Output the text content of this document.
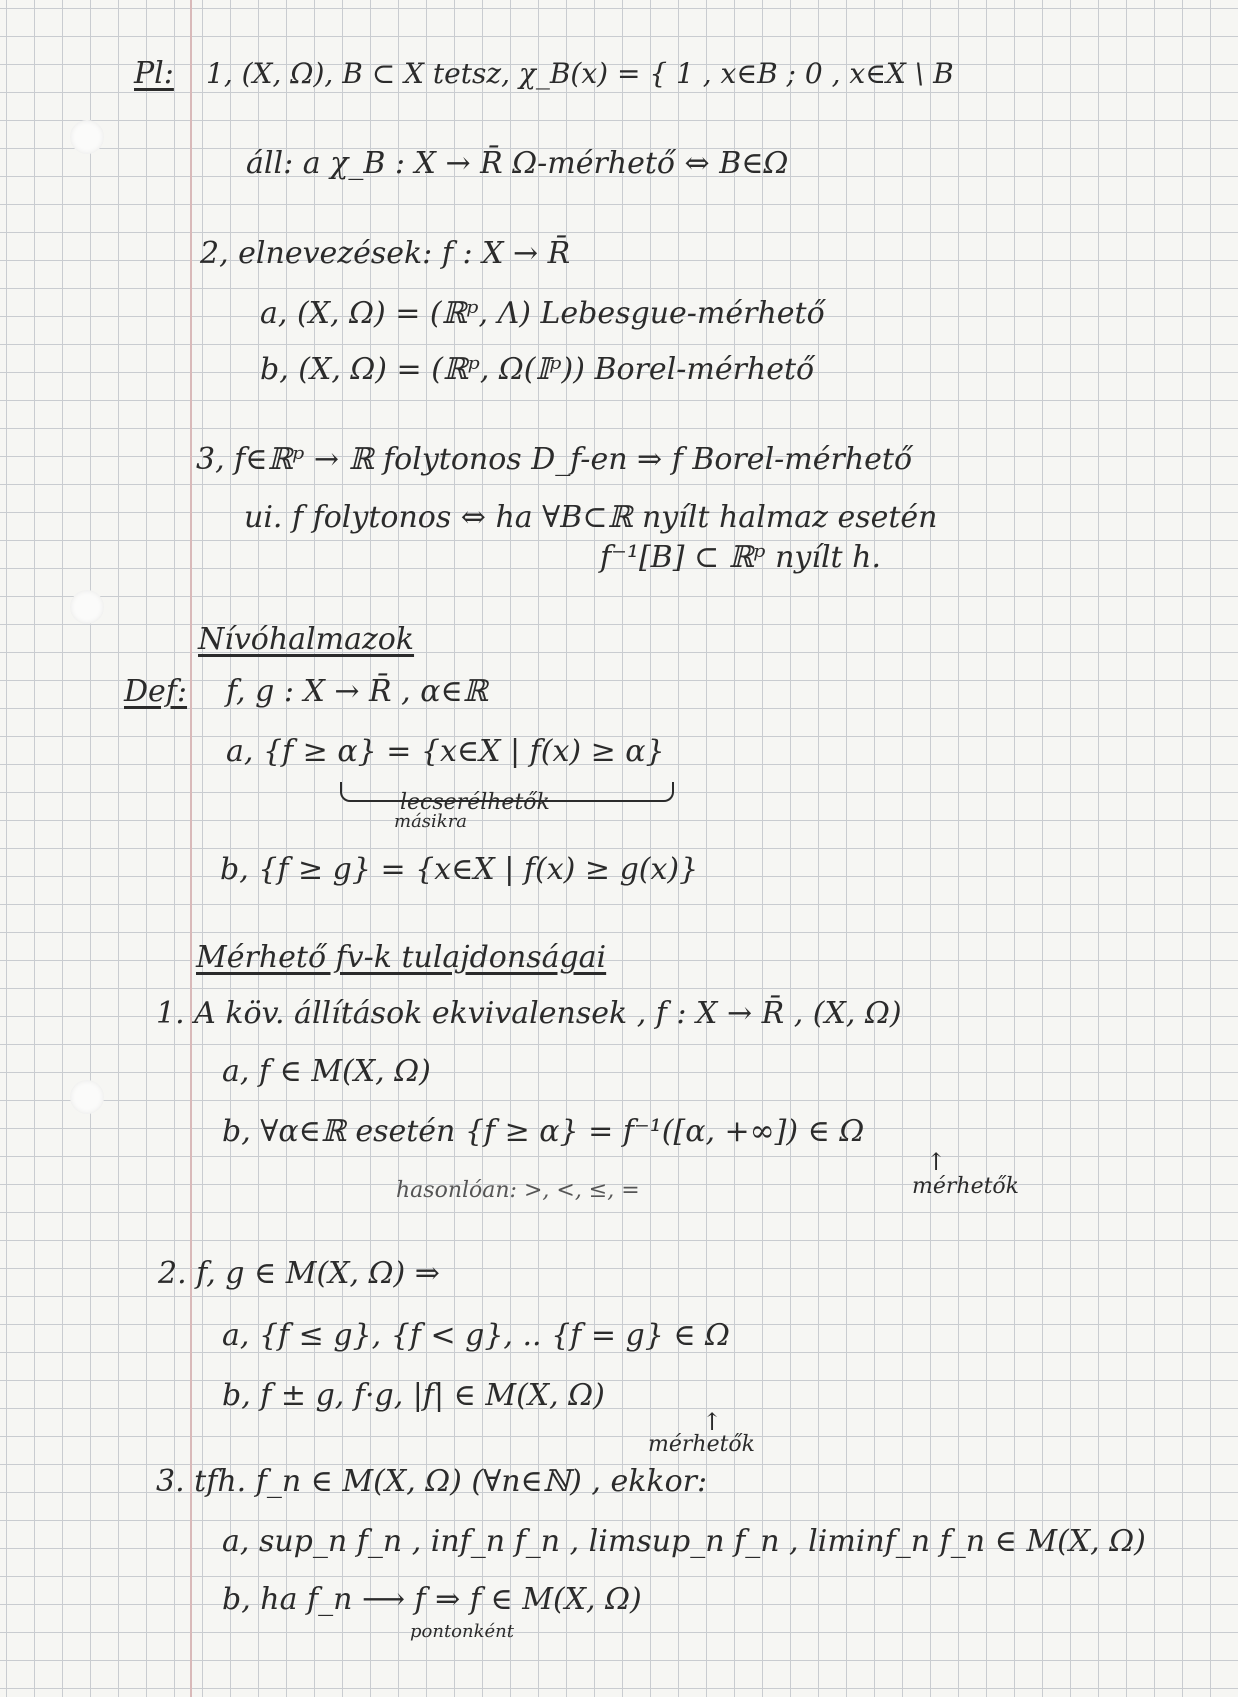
Pl: 1, (X, Ω), B ⊂ X tetsz, χ_B(x) = { 1 , x∈B ; 0 , x∈X \ B
áll: a χ_B : X → R̄ Ω-mérhető ⇔ B∈Ω
2, elnevezések: f : X → R̄
a, (X, Ω) = (ℝᵖ, Λ) Lebesgue-mérhető
b, (X, Ω) = (ℝᵖ, Ω(𝕀ᵖ)) Borel-mérhető
3, f∈ℝᵖ → ℝ folytonos D_f-en ⇒ f Borel-mérhető
ui. f folytonos ⇔ ha ∀B⊂ℝ nyílt halmaz esetén
f⁻¹[B] ⊂ ℝᵖ nyílt h.
Nívóhalmazok
Def: f, g : X → R̄ , α∈ℝ
a, {f ≥ α} = {x∈X | f(x) ≥ α}
lecserélhetők
másikra
b, {f ≥ g} = {x∈X | f(x) ≥ g(x)}
Mérhető fv-k tulajdonságai
1. A köv. állítások ekvivalensek , f : X → R̄ , (X, Ω)
a, f ∈ M(X, Ω)
b, ∀α∈ℝ esetén {f ≥ α} = f⁻¹([α, +∞]) ∈ Ω
hasonlóan: >, <, ≤, =
↑
mérhetők
2. f, g ∈ M(X, Ω) ⇒
a, {f ≤ g}, {f < g}, .. {f = g} ∈ Ω
b, f ± g, f·g, |f| ∈ M(X, Ω)
↑
mérhetők
3. tfh. f_n ∈ M(X, Ω) (∀n∈ℕ) , ekkor:
a, sup_n f_n , inf_n f_n , limsup_n f_n , liminf_n f_n ∈ M(X, Ω)
b, ha f_n ⟶ f ⇒ f ∈ M(X, Ω)
pontonként
